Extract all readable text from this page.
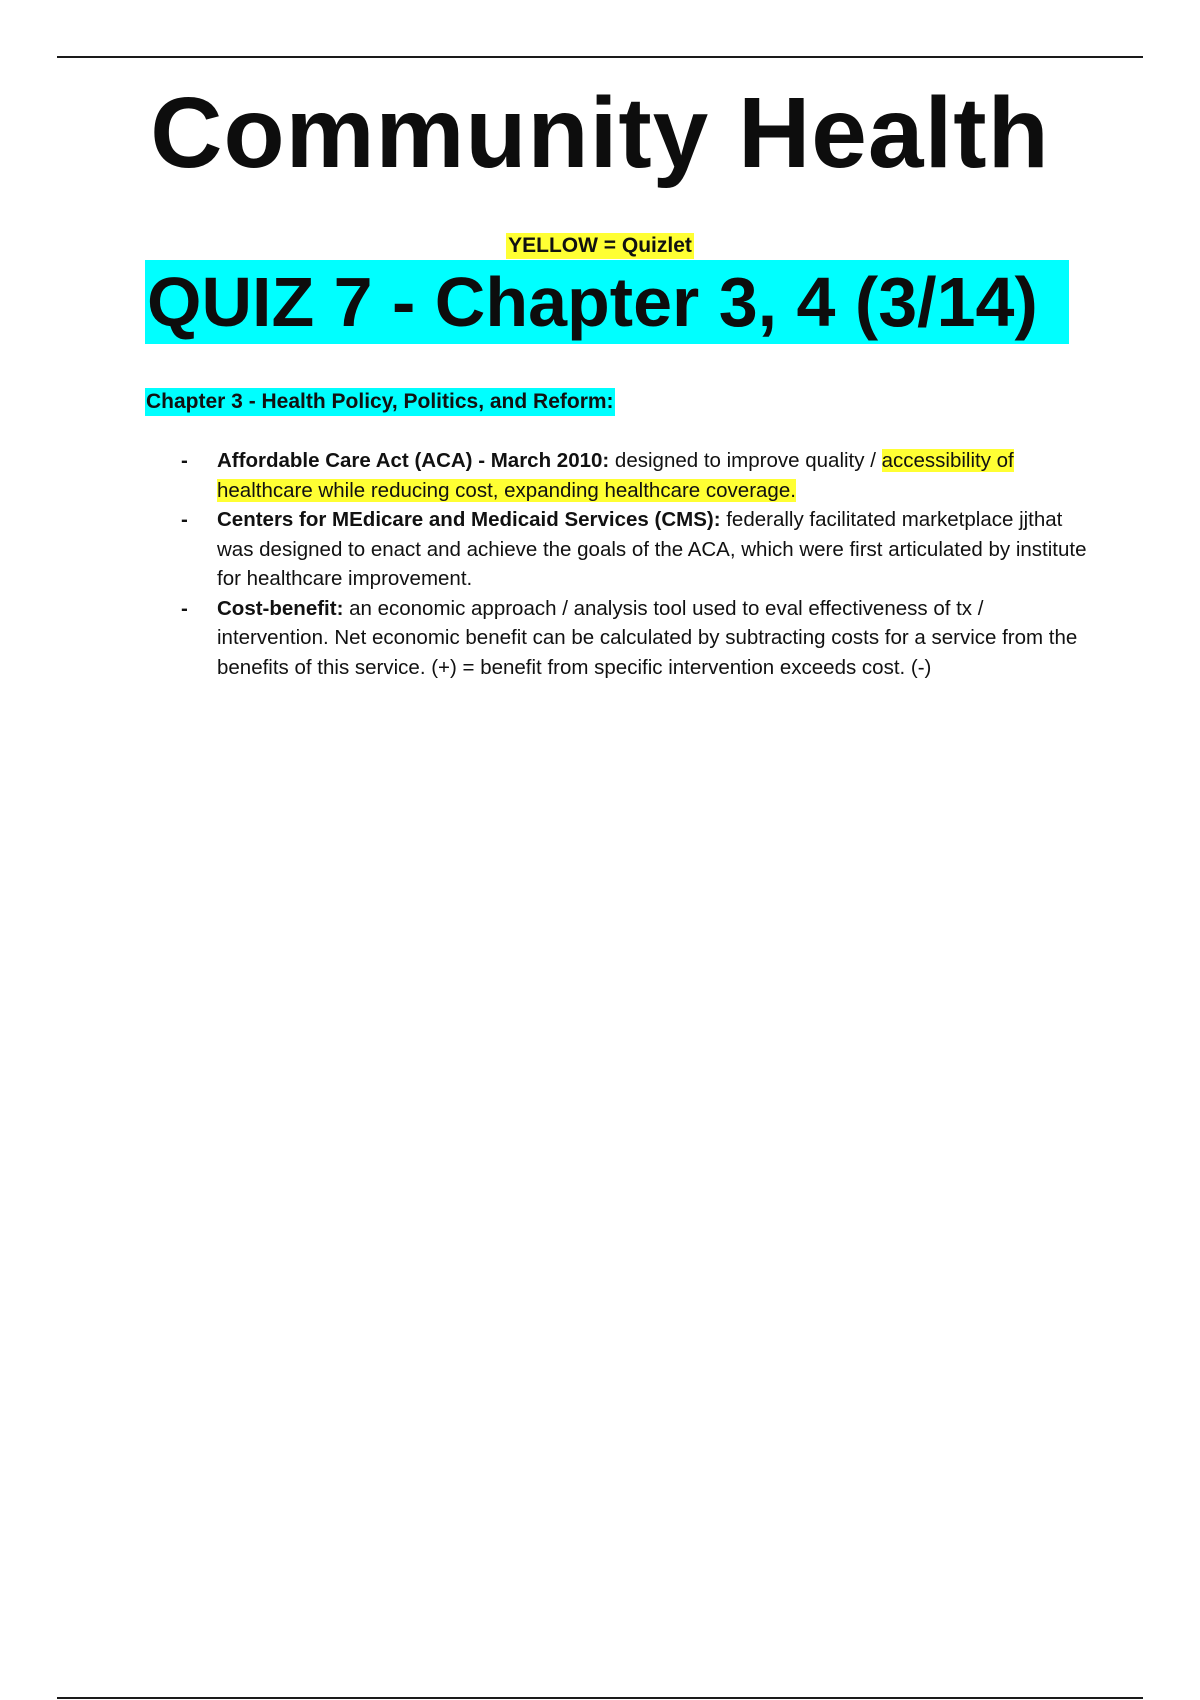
Community Health
YELLOW = Quizlet
QUIZ 7 - Chapter 3, 4 (3/14)
Chapter 3 - Health Policy, Politics, and Reform:
- Affordable Care Act (ACA) - March 2010: designed to improve quality / accessibility of healthcare while reducing cost, expanding healthcare coverage.
- Centers for MEdicare and Medicaid Services (CMS): federally facilitated marketplace jjthat was designed to enact and achieve the goals of the ACA, which were first articulated by institute for healthcare improvement.
- Cost-benefit: an economic approach / analysis tool used to eval effectiveness of tx / intervention. Net economic benefit can be calculated by subtracting costs for a service from the benefits of this service. (+) = benefit from specific intervention exceeds cost. (-)
